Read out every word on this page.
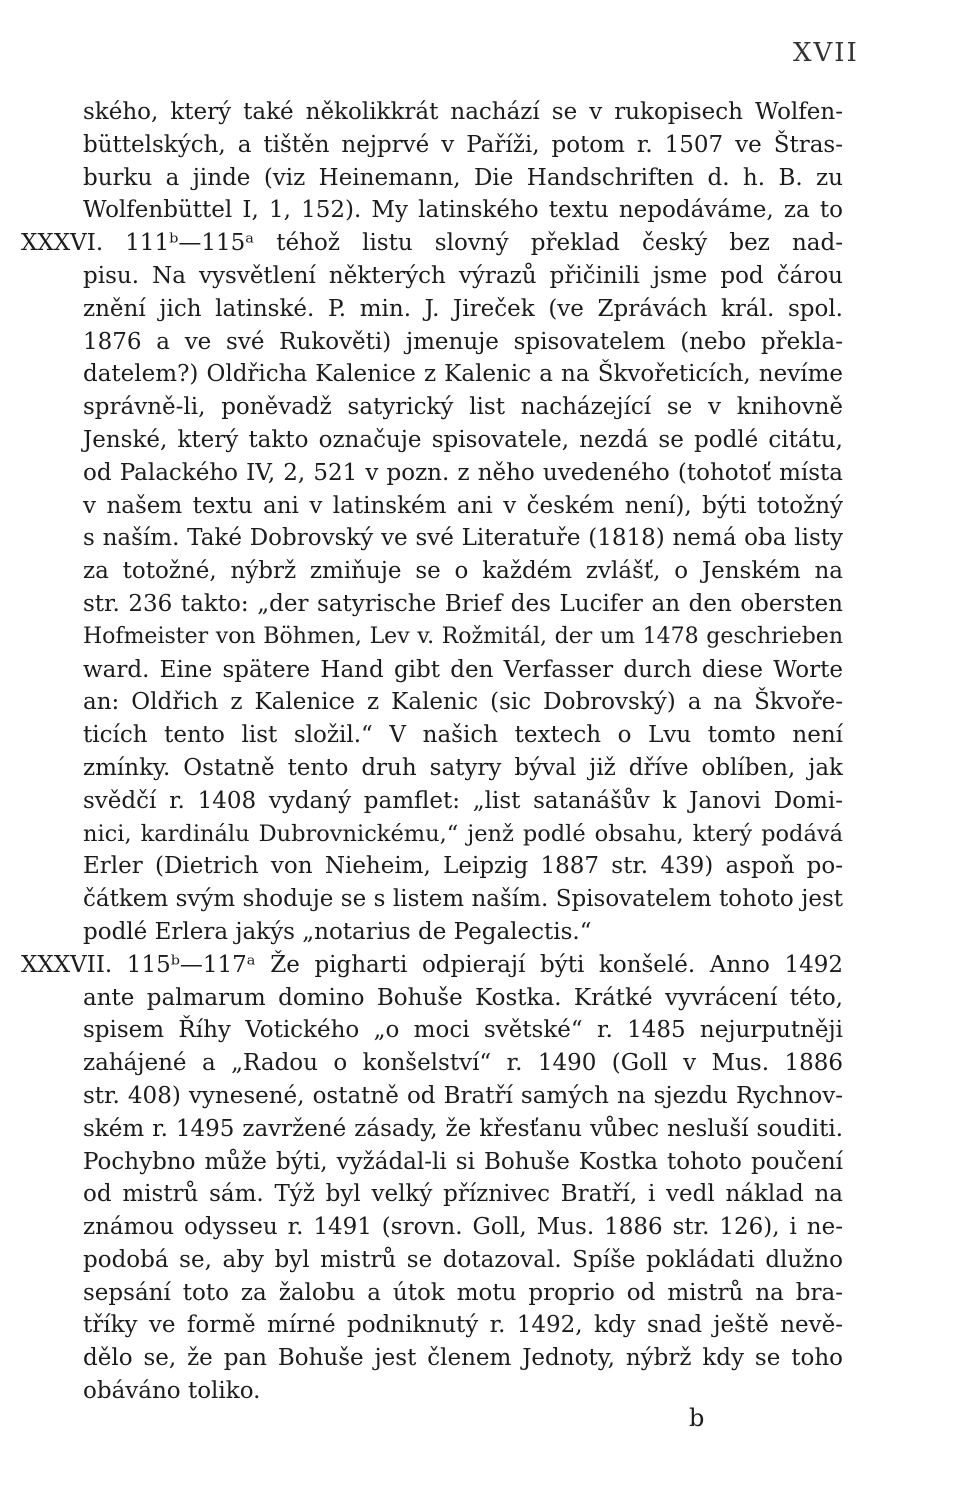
XVII
ského, který také několikkrát nachází se v rukopisech Wolfen-
büttelských, a tištěn nejprvé v Paříži, potom r. 1507 ve Štras-
burku a jinde (viz Heinemann, Die Handschriften d. h. B. zu
Wolfenbüttel I, 1, 152). My latinského textu nepodáváme, za to
XXXVI. 111ᵇ—115ᵃ téhož listu slovný překlad český bez nad-
pisu. Na vysvětlení některých výrazů přičinili jsme pod čárou
znění jich latinské. P. min. J. Jireček (ve Zprávách král. spol.
1876 a ve své Rukověti) jmenuje spisovatelem (nebo překla-
datelem?) Oldřicha Kalenice z Kalenic a na Škvořeticích, nevíme
správně-li, poněvadž satyrický list nacházející se v knihovně
Jenské, který takto označuje spisovatele, nezdá se podlé citátu,
od Palackého IV, 2, 521 v pozn. z něho uvedeného (tohotoť místa
v našem textu ani v latinském ani v českém není), býti totožný
s naším. Také Dobrovský ve své Literatuře (1818) nemá oba listy
za totožné, nýbrž zmiňuje se o každém zvlášť, o Jenském na
str. 236 takto: „der satyrische Brief des Lucifer an den obersten
Hofmeister von Böhmen, Lev v. Rožmitál, der um 1478 geschrieben
ward. Eine spätere Hand gibt den Verfasser durch diese Worte
an: Oldřich z Kalenice z Kalenic (sic Dobrovský) a na Škvoře-
ticích tento list složil.“ V našich textech o Lvu tomto není
zmínky. Ostatně tento druh satyry býval již dříve oblíben, jak
svědčí r. 1408 vydaný pamflet: „list satanášův k Janovi Domi-
nici, kardinálu Dubrovnickému,“ jenž podlé obsahu, který podává
Erler (Dietrich von Nieheim, Leipzig 1887 str. 439) aspoň po-
čátkem svým shoduje se s listem naším. Spisovatelem tohoto jest
podlé Erlera jakýs „notarius de Pegalectis.“
XXXVII. 115ᵇ—117ᵃ Že pigharti odpierají býti konšelé. Anno 1492
ante palmarum domino Bohuše Kostka. Krátké vyvrácení této,
spisem Říhy Votického „o moci světské“ r. 1485 nejurputněji
zahájené a „Radou o konšelství“ r. 1490 (Goll v Mus. 1886
str. 408) vynesené, ostatně od Bratří samých na sjezdu Rychnov-
ském r. 1495 zavržené zásady, že křesťanu vůbec nesluší souditi.
Pochybno může býti, vyžádal-li si Bohuše Kostka tohoto poučení
od mistrů sám. Týž byl velký příznivec Bratří, i vedl náklad na
známou odysseu r. 1491 (srovn. Goll, Mus. 1886 str. 126), i ne-
podobá se, aby byl mistrů se dotazoval. Spíše pokládati dlužno
sepsání toto za žalobu a útok motu proprio od mistrů na bra-
tříky ve formě mírné podniknutý r. 1492, kdy snad ještě nevě-
dělo se, že pan Bohuše jest členem Jednoty, nýbrž kdy se toho
obáváno toliko.
b
